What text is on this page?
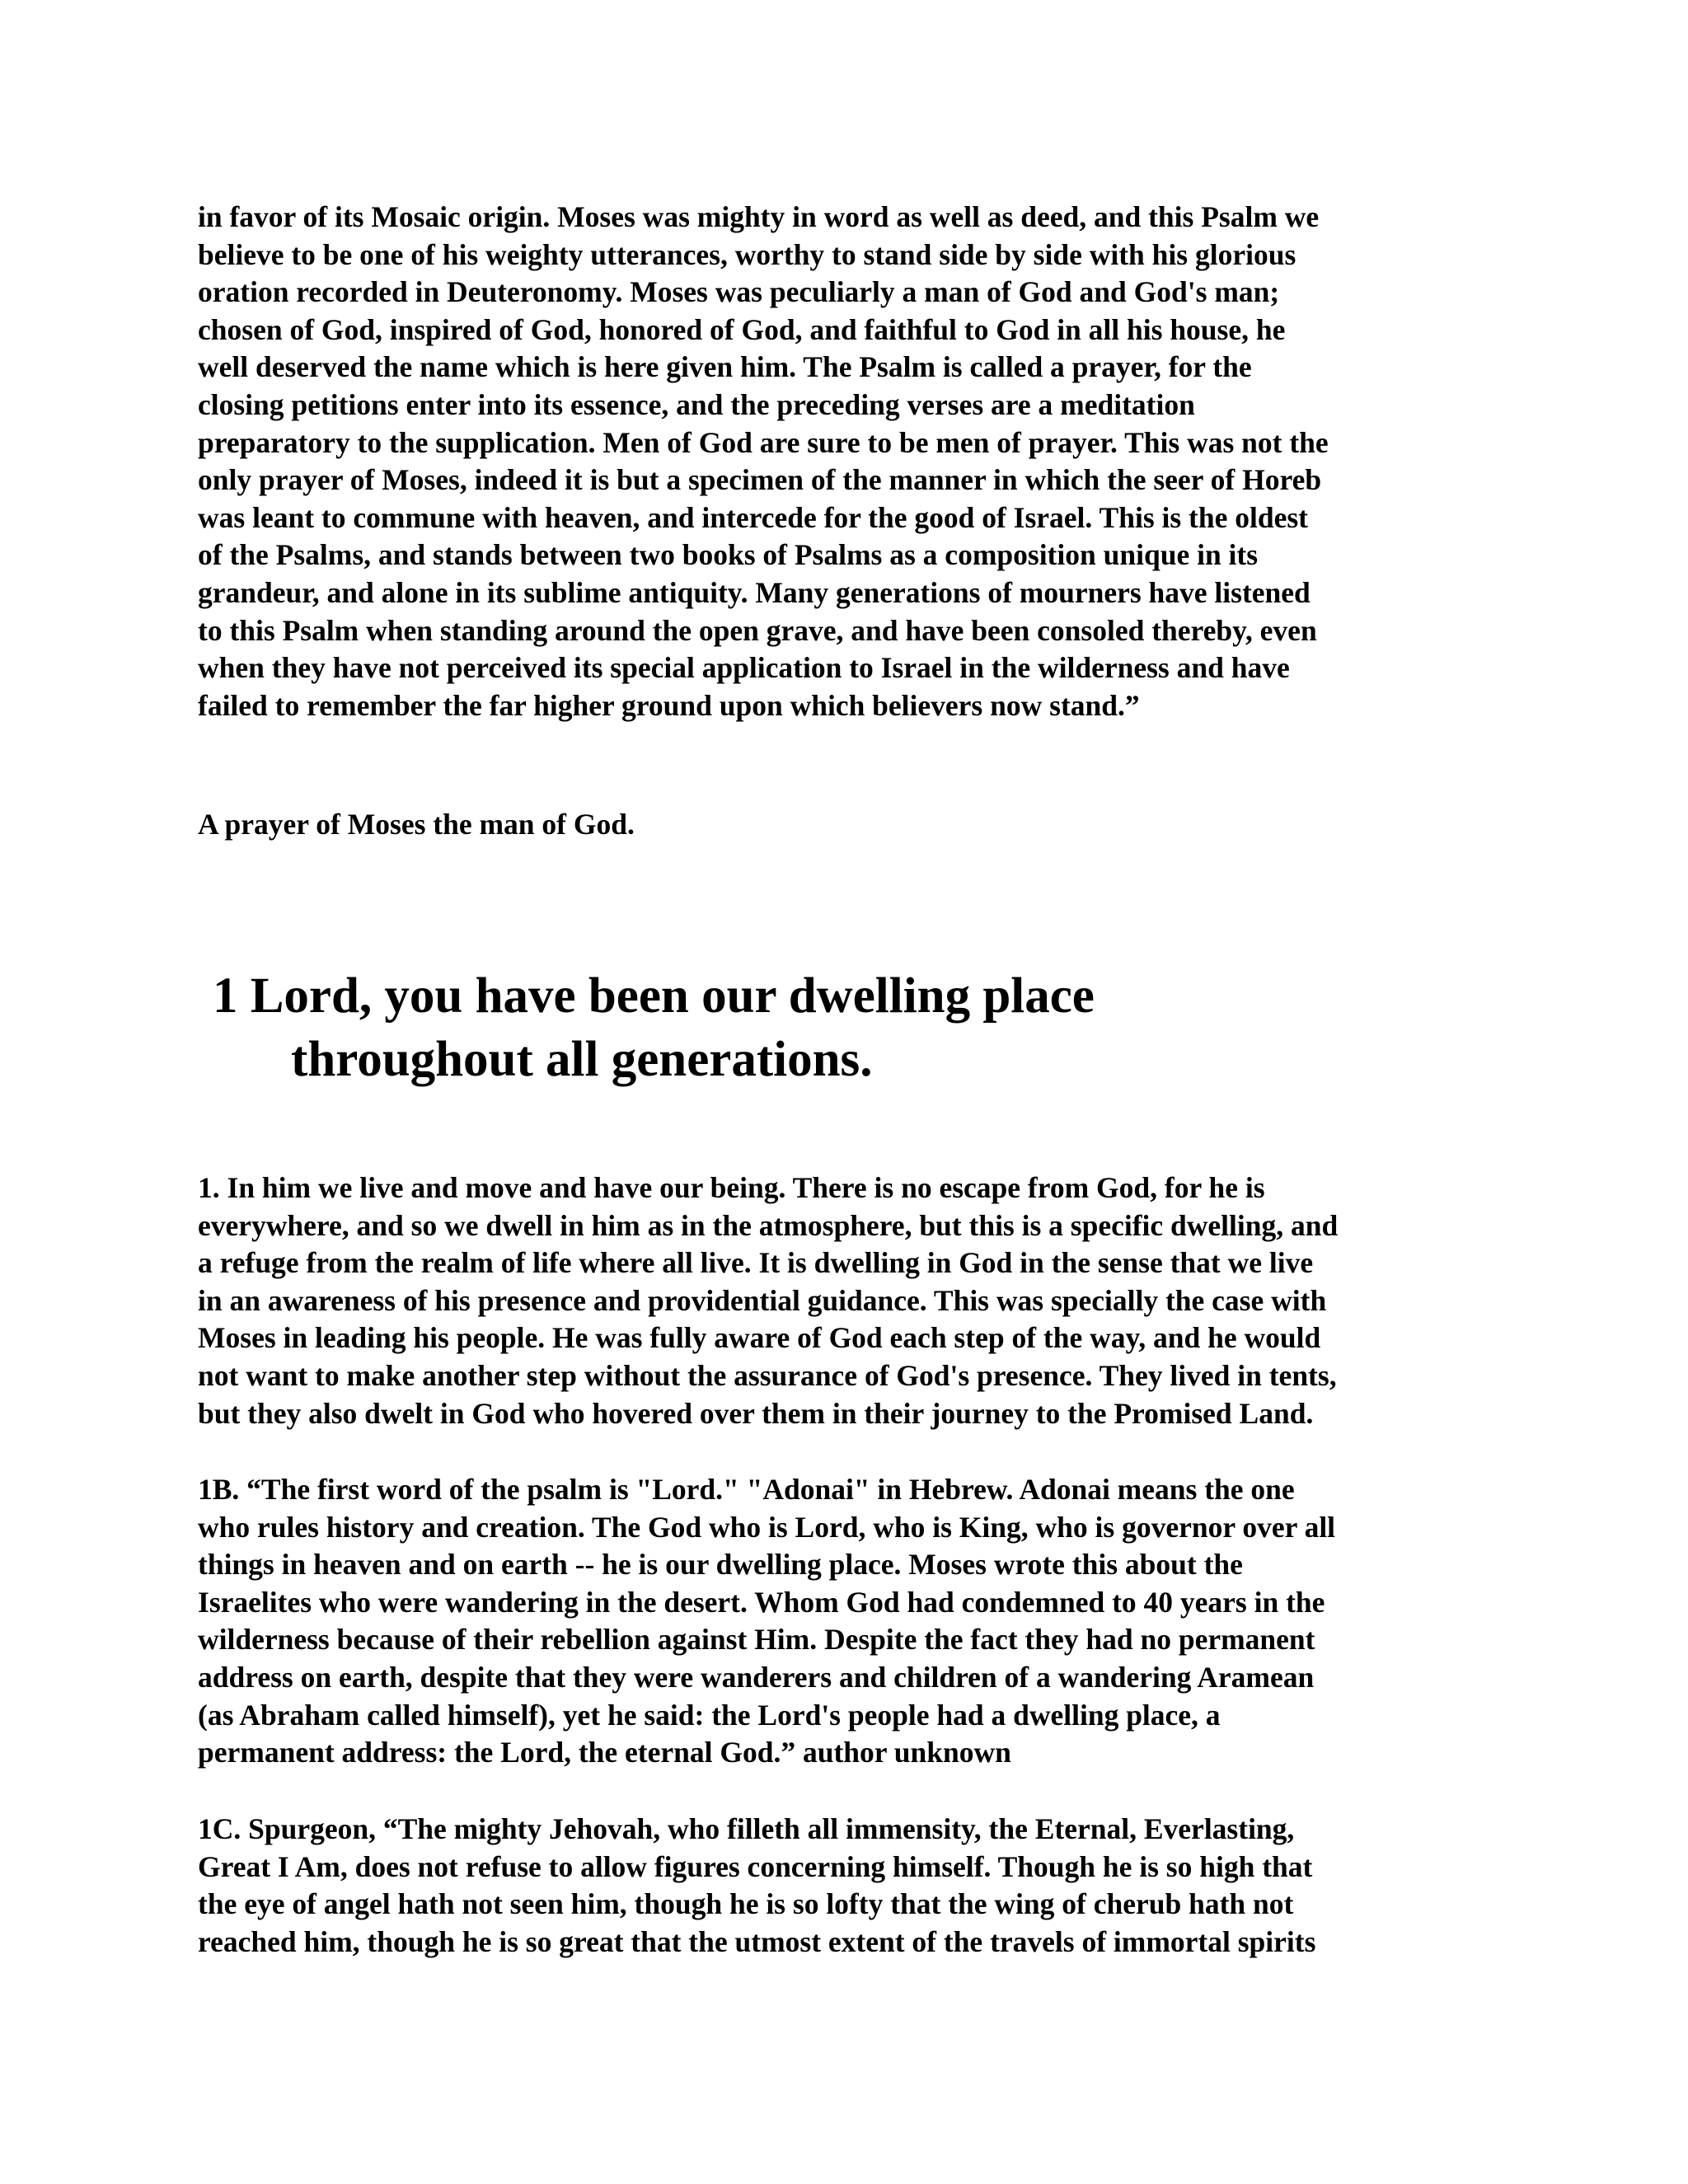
in favor of its Mosaic origin. Moses was mighty in word as well as deed, and this Psalm we
believe to be one of his weighty utterances, worthy to stand side by side with his glorious
oration recorded in Deuteronomy. Moses was peculiarly a man of God and God's man;
chosen of God, inspired of God, honored of God, and faithful to God in all his house, he
well deserved the name which is here given him. The Psalm is called a prayer, for the
closing petitions enter into its essence, and the preceding verses are a meditation
preparatory to the supplication. Men of God are sure to be men of prayer. This was not the
only prayer of Moses, indeed it is but a specimen of the manner in which the seer of Horeb
was leant to commune with heaven, and intercede for the good of Israel. This is the oldest
of the Psalms, and stands between two books of Psalms as a composition unique in its
grandeur, and alone in its sublime antiquity. Many generations of mourners have listened
to this Psalm when standing around the open grave, and have been consoled thereby, even
when they have not perceived its special application to Israel in the wilderness and have
failed to remember the far higher ground upon which believers now stand.”
A prayer of Moses the man of God.
1 Lord, you have been our dwelling place
throughout all generations.
1. In him we live and move and have our being. There is no escape from God, for he is
everywhere, and so we dwell in him as in the atmosphere, but this is a specific dwelling, and
a refuge from the realm of life where all live. It is dwelling in God in the sense that we live
in an awareness of his presence and providential guidance. This was specially the case with
Moses in leading his people. He was fully aware of God each step of the way, and he would
not want to make another step without the assurance of God's presence. They lived in tents,
but they also dwelt in God who hovered over them in their journey to the Promised Land.
1B. “The first word of the psalm is "Lord." "Adonai" in Hebrew. Adonai means the one
who rules history and creation. The God who is Lord, who is King, who is governor over all
things in heaven and on earth -- he is our dwelling place. Moses wrote this about the
Israelites who were wandering in the desert. Whom God had condemned to 40 years in the
wilderness because of their rebellion against Him. Despite the fact they had no permanent
address on earth, despite that they were wanderers and children of a wandering Aramean
(as Abraham called himself), yet he said: the Lord's people had a dwelling place, a
permanent address: the Lord, the eternal God.” author unknown
1C. Spurgeon, “The mighty Jehovah, who filleth all immensity, the Eternal, Everlasting,
Great I Am, does not refuse to allow figures concerning himself. Though he is so high that
the eye of angel hath not seen him, though he is so lofty that the wing of cherub hath not
reached him, though he is so great that the utmost extent of the travels of immortal spirits
